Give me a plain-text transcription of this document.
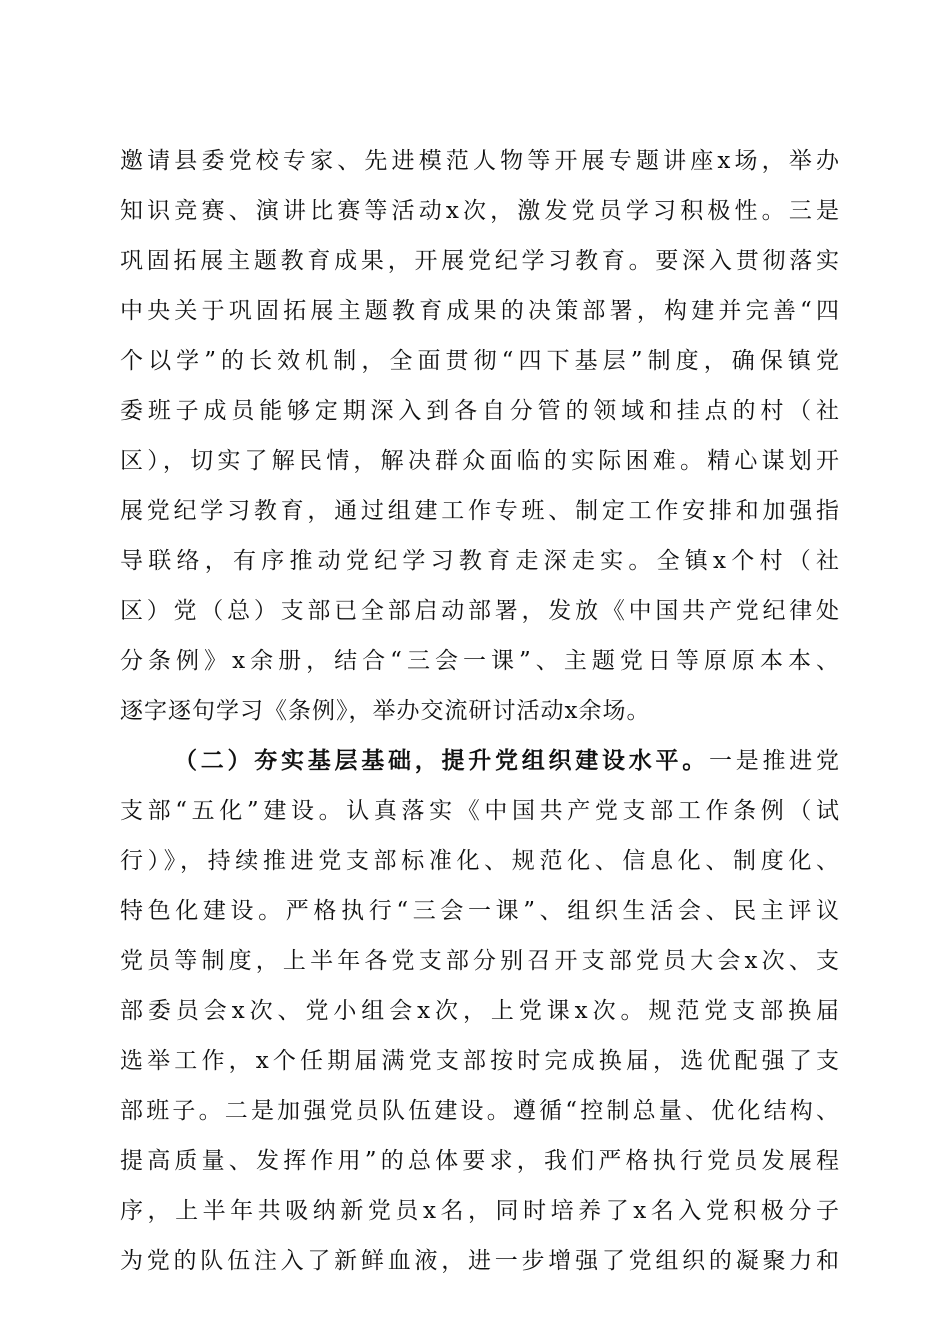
邀请县委党校专家、先进模范人物等开展专题讲座x场，举办
知识竞赛、演讲比赛等活动x次，激发党员学习积极性。三是
巩固拓展主题教育成果，开展党纪学习教育。要深入贯彻落实
中央关于巩固拓展主题教育成果的决策部署，构建并完善“四
个以学”的长效机制，全面贯彻“四下基层”制度，确保镇党
委班子成员能够定期深入到各自分管的领域和挂点的村（社
区），切实了解民情，解决群众面临的实际困难。精心谋划开
展党纪学习教育，通过组建工作专班、制定工作安排和加强指
导联络，有序推动党纪学习教育走深走实。全镇x个村（社
区）党（总）支部已全部启动部署，发放《中国共产党纪律处
分条例》x余册，结合“三会一课”、主题党日等原原本本、
逐字逐句学习《条例》，举办交流研讨活动x余场。
（二）夯实基层基础，提升党组织建设水平。一是推进党
支部“五化”建设。认真落实《中国共产党支部工作条例（试
行）》，持续推进党支部标准化、规范化、信息化、制度化、
特色化建设。严格执行“三会一课”、组织生活会、民主评议
党员等制度，上半年各党支部分别召开支部党员大会x次、支
部委员会x次、党小组会x次，上党课x次。规范党支部换届
选举工作，x个任期届满党支部按时完成换届，选优配强了支
部班子。二是加强党员队伍建设。遵循“控制总量、优化结构、
提高质量、发挥作用”的总体要求，我们严格执行党员发展程
序，上半年共吸纳新党员x名，同时培养了x名入党积极分子
为党的队伍注入了新鲜血液，进一步增强了党组织的凝聚力和
